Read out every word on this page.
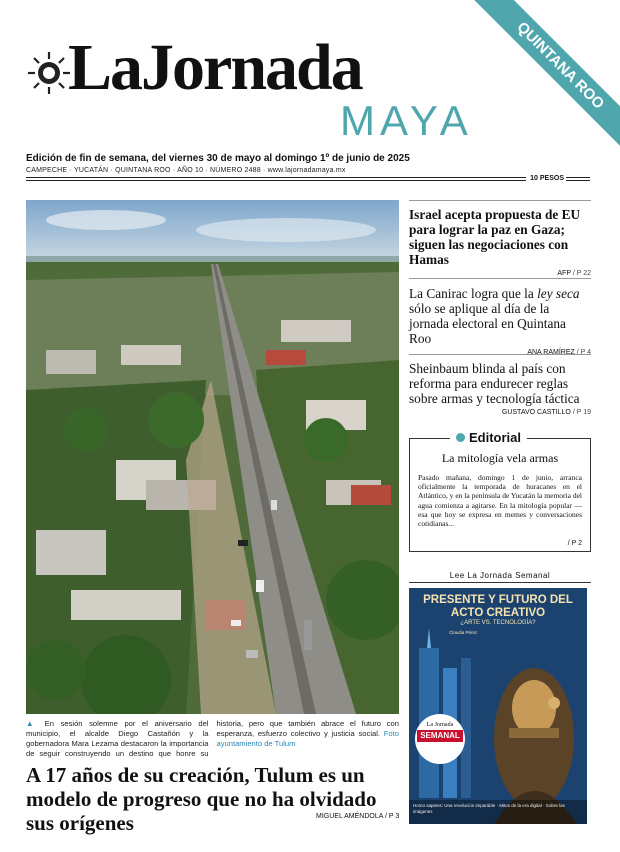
LaJornada
MAYA
QUINTANA ROO
Edición de fin de semana, del viernes 30 de mayo al domingo 1º de junio de 2025
CAMPECHE · YUCATÁN · QUINTANA ROO · AÑO 10 · NÚMERO 2488 · www.lajornadamaya.mx
10 PESOS
▲ En sesión solemne por el aniversario del municipio, el alcalde Diego Castañón y la gobernadora Mara Lezama destacaron la importancia de seguir construyendo un destino que honre su historia, pero que también abrace el futuro con esperanza, esfuerzo colectivo y justicia social. Foto ayuntamiento de Tulum
A 17 años de su creación, Tulum es un modelo de progreso que no ha olvidado sus orígenes	MIGUEL AMÉNDOLA / P 3
Israel acepta propuesta de EU para lograr la paz en Gaza; siguen las negociaciones con Hamas
AFP / P 22
La Canirac logra que la ley seca sólo se aplique al día de la jornada electoral en Quintana Roo
ANA RAMÍREZ / P 4
Sheinbaum blinda al país con reforma para endurecer reglas sobre armas y tecnología táctica
GUSTAVO CASTILLO / P 19
Editorial
La mitología vela armas
Pasado mañana, domingo 1 de junio, arranca oficialmente la temporada de huracanes en el Atlántico, y en la península de Yucatán la memoria del agua comienza a agitarse. En la mitología popular —esa que hoy se expresa en memes y conversaciones cotidianas...
/ P 2
Lee La Jornada Semanal
PRESENTE Y FUTURO DEL ACTO CREATIVO
¿ARTE VS. TECNOLOGÍA?
Claudia Pérez
La Jornada
SEMANAL
Homo sapiens: Una revolución imparable · Mitos de la era digital · Sobre las imágenes
